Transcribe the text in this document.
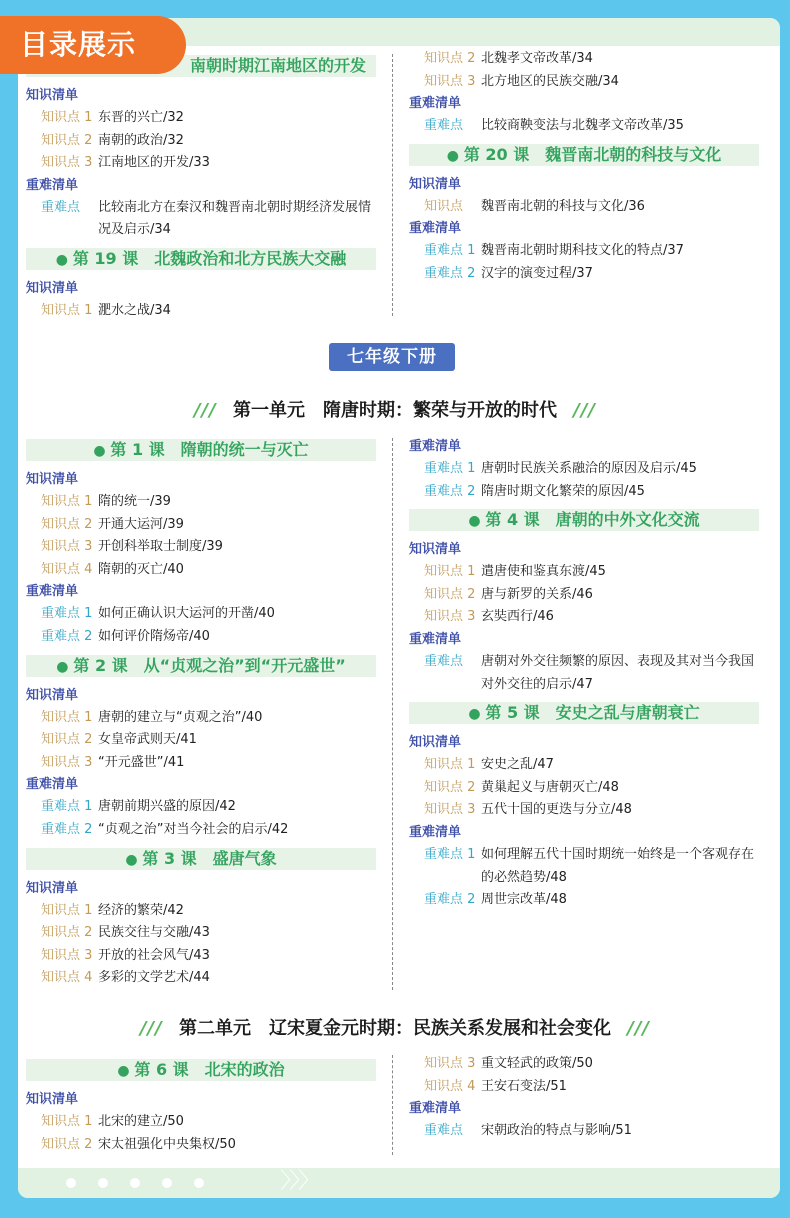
〉〉〉
目录展示
南朝时期江南地区的开发
知识清单
知识点 1 东晋的兴亡/32
知识点 2 南朝的政治/32
知识点 3 江南地区的开发/33
重难清单
重难点	比较南北方在秦汉和魏晋南北朝时期经济发展情况及启示/34
● 第 19 课　北魏政治和北方民族大交融
知识清单
知识点 1 淝水之战/34
知识点 2 北魏孝文帝改革/34
知识点 3 北方地区的民族交融/34
重难清单
重难点	比较商鞅变法与北魏孝文帝改革/35
● 第 20 课　魏晋南北朝的科技与文化
知识清单
知识点	魏晋南北朝的科技与文化/36
重难清单
重难点 1 魏晋南北朝时期科技文化的特点/37
重难点 2 汉字的演变过程/37
七年级下册
/// 第一单元　隋唐时期：繁荣与开放的时代 ///
● 第 1 课　隋朝的统一与灭亡
知识清单
知识点 1 隋的统一/39
知识点 2 开通大运河/39
知识点 3 开创科举取士制度/39
知识点 4 隋朝的灭亡/40
重难清单
重难点 1 如何正确认识大运河的开凿/40
重难点 2 如何评价隋炀帝/40
● 第 2 课　从“贞观之治”到“开元盛世”
知识清单
知识点 1 唐朝的建立与“贞观之治”/40
知识点 2 女皇帝武则天/41
知识点 3 “开元盛世”/41
重难清单
重难点 1 唐朝前期兴盛的原因/42
重难点 2 “贞观之治”对当今社会的启示/42
● 第 3 课　盛唐气象
知识清单
知识点 1 经济的繁荣/42
知识点 2 民族交往与交融/43
知识点 3 开放的社会风气/43
知识点 4 多彩的文学艺术/44
重难清单
重难点 1 唐朝时民族关系融洽的原因及启示/45
重难点 2 隋唐时期文化繁荣的原因/45
● 第 4 课　唐朝的中外文化交流
知识清单
知识点 1 遣唐使和鉴真东渡/45
知识点 2 唐与新罗的关系/46
知识点 3 玄奘西行/46
重难清单
重难点	唐朝对外交往频繁的原因、表现及其对当今我国对外交往的启示/47
● 第 5 课　安史之乱与唐朝衰亡
知识清单
知识点 1 安史之乱/47
知识点 2 黄巢起义与唐朝灭亡/48
知识点 3 五代十国的更迭与分立/48
重难清单
重难点 1 如何理解五代十国时期统一始终是一个客观存在的必然趋势/48
重难点 2 周世宗改革/48
/// 第二单元　辽宋夏金元时期：民族关系发展和社会变化 ///
● 第 6 课　北宋的政治
知识清单
知识点 1 北宋的建立/50
知识点 2 宋太祖强化中央集权/50
知识点 3 重文轻武的政策/50
知识点 4 王安石变法/51
重难清单
重难点	宋朝政治的特点与影响/51
